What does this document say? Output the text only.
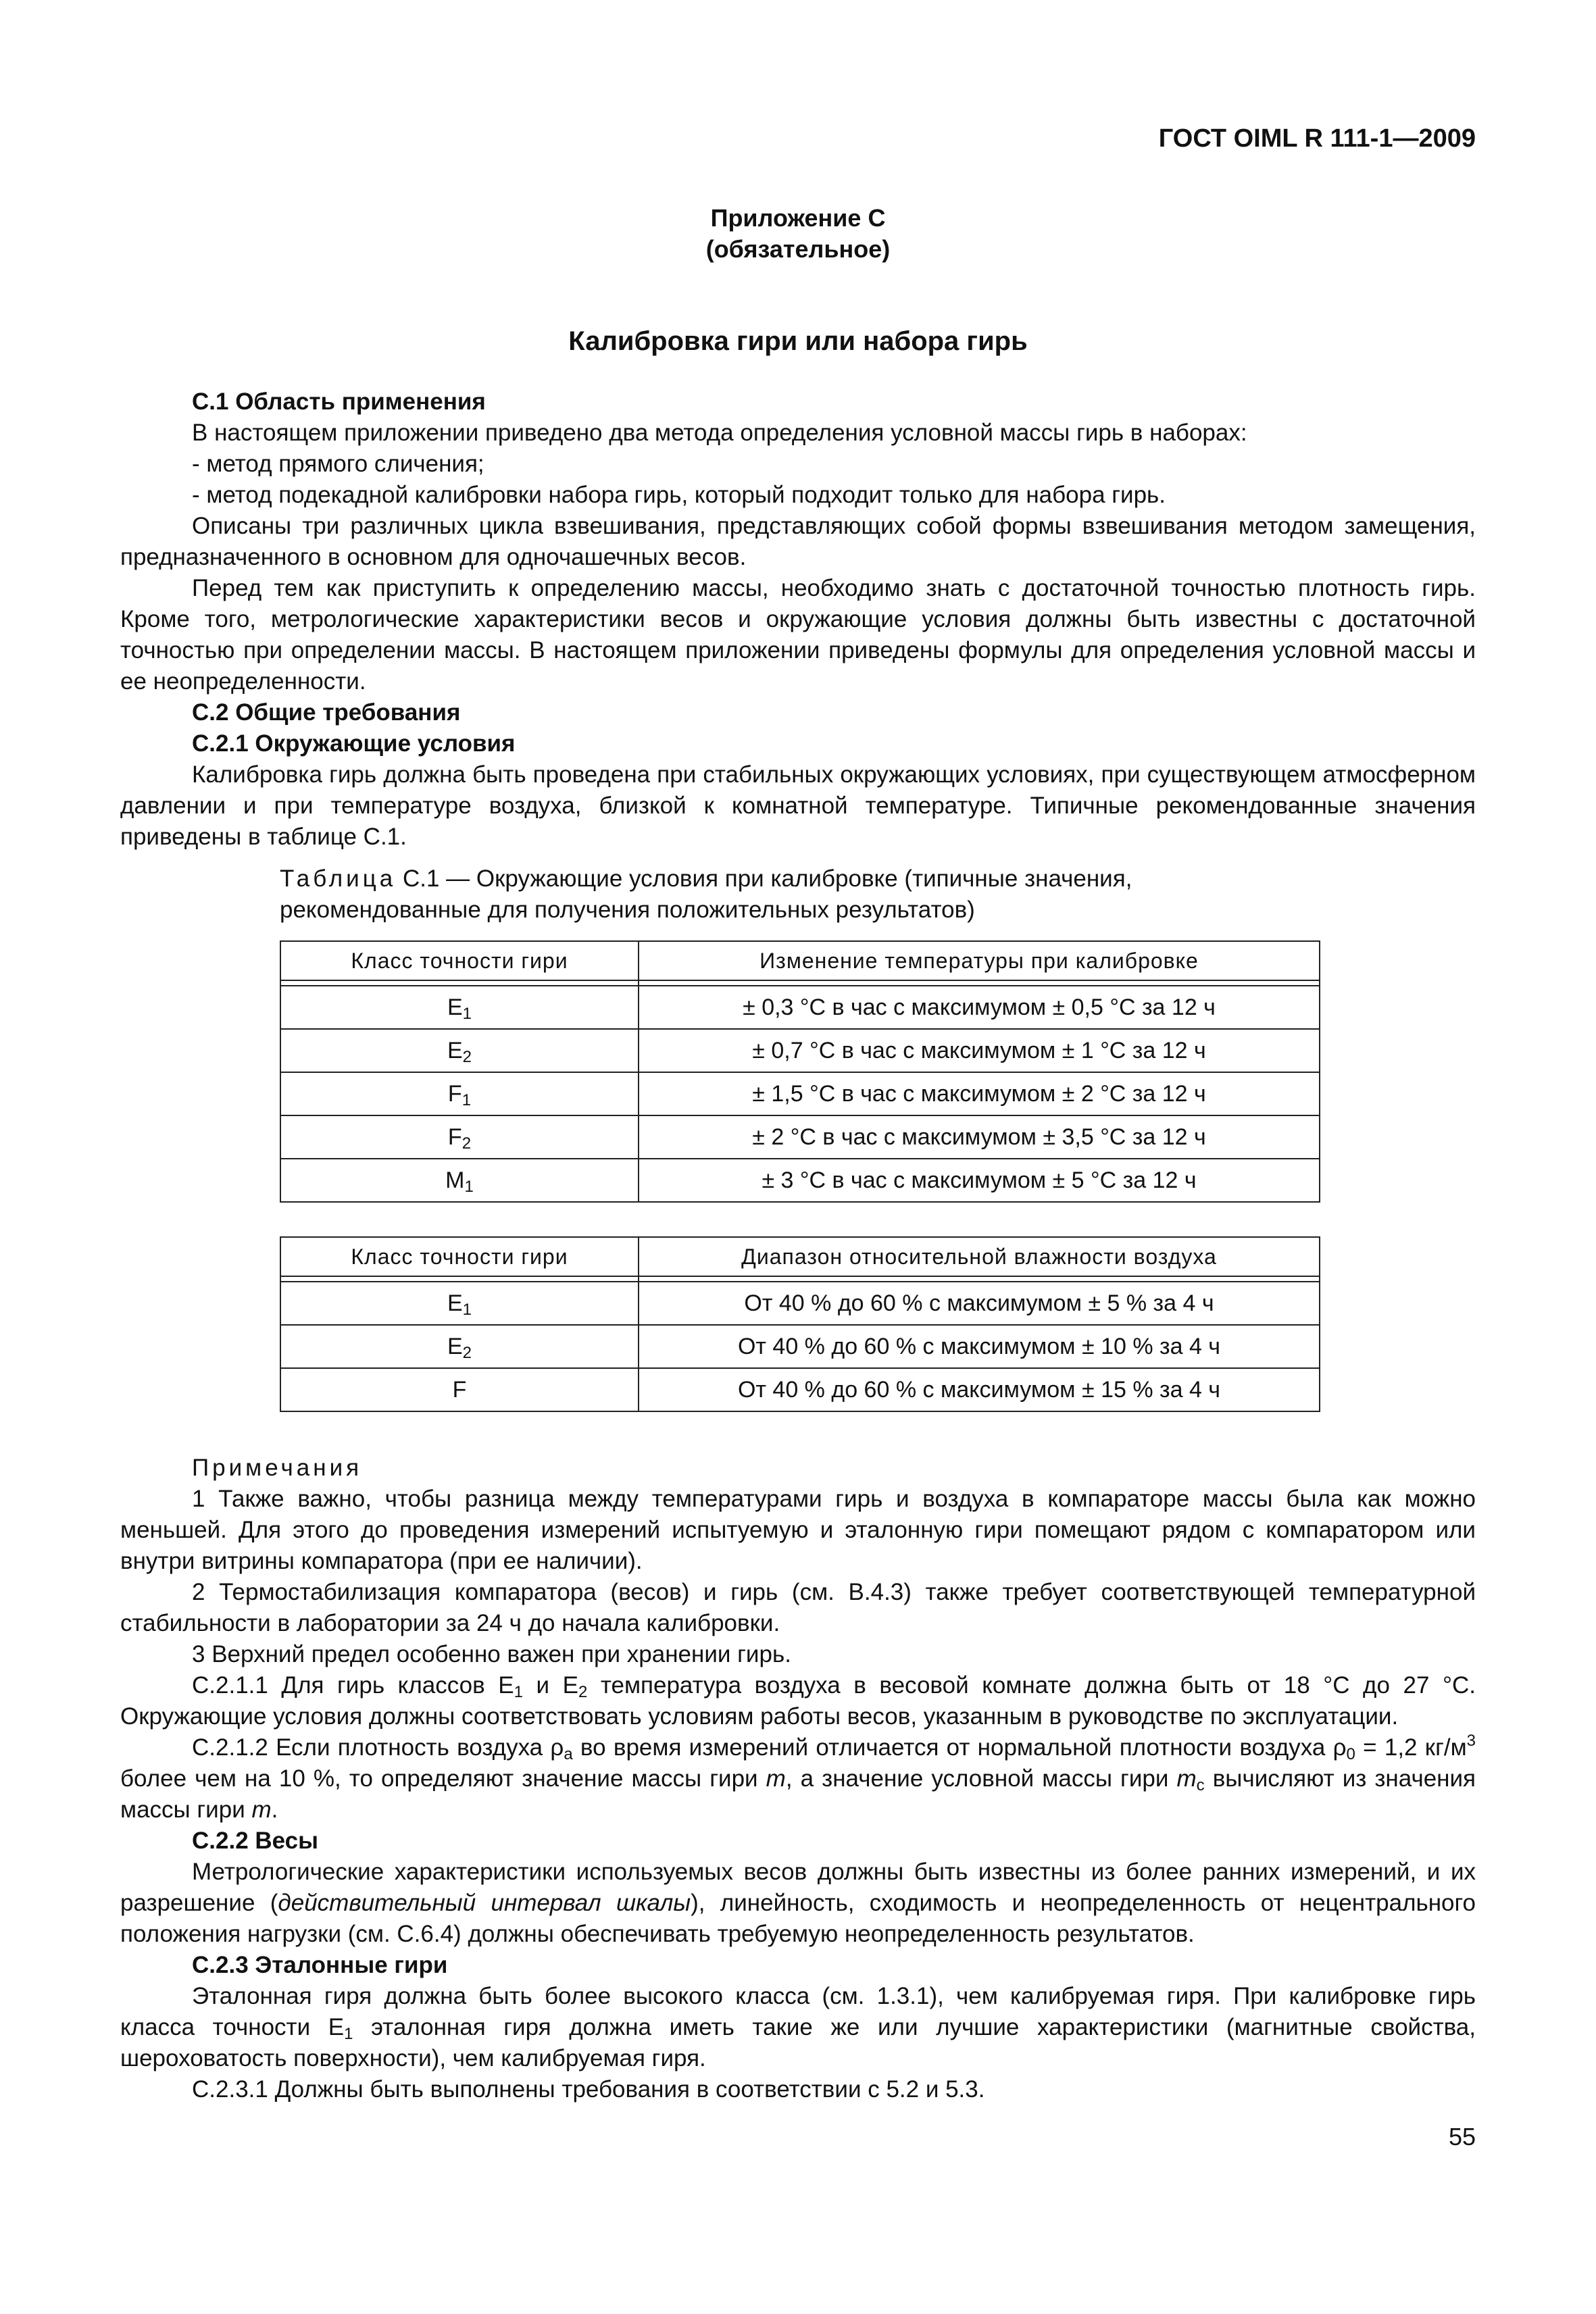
ГОСТ OIML R 111-1—2009
Приложение С
(обязательное)
Калибровка гири или набора гирь

С.1 Область применения

В настоящем приложении приведено два метода определения условной массы гирь в наборах:

- метод прямого сличения;

- метод подекадной калибровки набора гирь, который подходит только для набора гирь.

Описаны три различных цикла взвешивания, представляющих собой формы взвешивания методом замещения, предназначенного в основном для одночашечных весов.

Перед тем как приступить к определению массы, необходимо знать с достаточной точностью плотность гирь. Кроме того, метрологические характеристики весов и окружающие условия должны быть известны с достаточной точностью при определении массы. В настоящем приложении приведены формулы для определения условной массы и ее неопределенности.

С.2 Общие требования

С.2.1 Окружающие условия

Калибровка гирь должна быть проведена при стабильных окружающих условиях, при существующем атмосферном давлении и при температуре воздуха, близкой к комнатной температуре. Типичные рекомендованные значения приведены в таблице С.1.

Таблица С.1 — Окружающие условия при калибровке (типичные значения, рекомендованные для получения положительных результатов)
Класс точности гири	Изменение температуры при калибровке

$E_1$	± 0,3 °С в час с максимумом ± 0,5 °С за 12 ч
$E_2$	± 0,7 °С в час с максимумом ± 1 °С за 12 ч
$F_1$	± 1,5 °С в час с максимумом ± 2 °С за 12 ч
$F_2$	± 2 °С в час с максимумом ± 3,5 °С за 12 ч
$M_1$	± 3 °С в час с максимумом ± 5 °С за 12 ч
Класс точности гири	Диапазон относительной влажности воздуха

$E_1$	От 40 % до 60 % с максимумом ± 5 % за 4 ч
$E_2$	От 40 % до 60 % с максимумом ± 10 % за 4 ч
F	От 40 % до 60 % с максимумом ± 15 % за 4 ч

Примечания

1 Также важно, чтобы разница между температурами гирь и воздуха в компараторе массы была как можно меньшей. Для этого до проведения измерений испытуемую и эталонную гири помещают рядом с компаратором или внутри витрины компаратора (при ее наличии).

2 Термостабилизация компаратора (весов) и гирь (см. В.4.3) также требует соответствующей температурной стабильности в лаборатории за 24 ч до начала калибровки.

3 Верхний предел особенно важен при хранении гирь.

С.2.1.1 Для гирь классов $E_1$ и $E_2$ температура воздуха в весовой комнате должна быть от 18 °С до 27 °С. Окружающие условия должны соответствовать условиям работы весов, указанным в руководстве по эксплуатации.

С.2.1.2 Если плотность воздуха $\rho_a$ во время измерений отличается от нормальной плотности воздуха $\rho_0 = 1,2$ $кг/м^3$ более чем на 10 %, то определяют значение массы гири m, а значение условной массы гири $m_c$ вычисляют из значения массы гири m.

С.2.2 Весы

Метрологические характеристики используемых весов должны быть известны из более ранних измерений, и их разрешение (действительный интервал шкалы), линейность, сходимость и неопределенность от нецентрального положения нагрузки (см. С.6.4) должны обеспечивать требуемую неопределенность результатов.

С.2.3 Эталонные гири

Эталонная гиря должна быть более высокого класса (см. 1.3.1), чем калибруемая гиря. При калибровке гирь класса точности $E_1$ эталонная гиря должна иметь такие же или лучшие характеристики (магнитные свойства, шероховатость поверхности), чем калибруемая гиря.

С.2.3.1 Должны быть выполнены требования в соответствии с 5.2 и 5.3.

55
